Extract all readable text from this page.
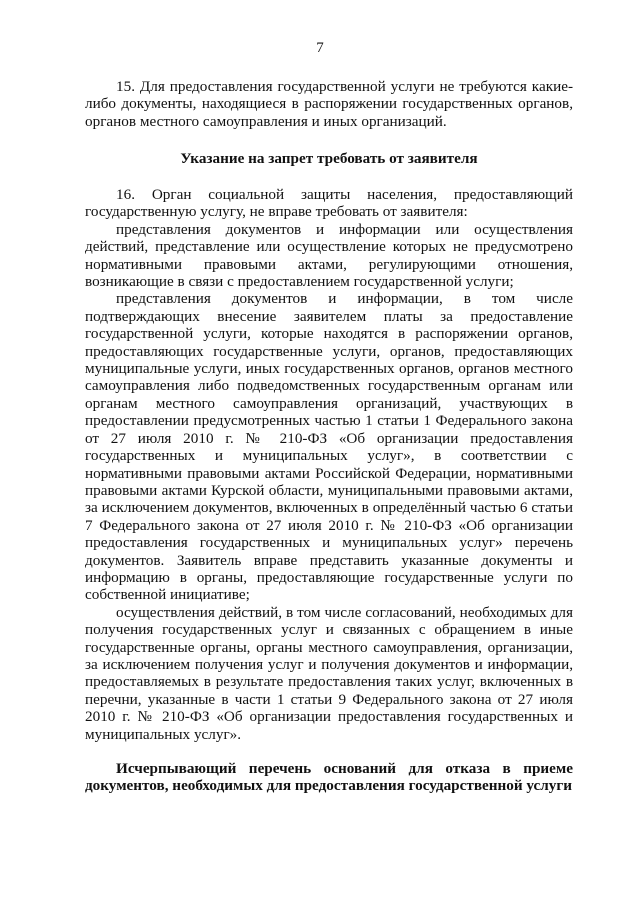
7

15. Для предоставления государственной услуги не требуются какие-либо документы, находящиеся в распоряжении государственных органов, органов местного самоуправления и иных организаций.

Указание на запрет требовать от заявителя

16. Орган социальной защиты населения, предоставляющий государственную услугу, не вправе требовать от заявителя:

представления документов и информации или осуществления действий, представление или осуществление которых не предусмотрено нормативными правовыми актами, регулирующими отношения, возникающие в связи с предоставлением государственной услуги;

представления документов и информации, в том числе подтверждающих внесение заявителем платы за предоставление государственной услуги, которые находятся в распоряжении органов, предоставляющих государственные услуги, органов, предоставляющих муниципальные услуги, иных государственных органов, органов местного самоуправления либо подведомственных государственным органам или органам местного самоуправления организаций, участвующих в предоставлении предусмотренных частью 1 статьи 1 Федерального закона от 27 июля 2010 г. № 210-ФЗ «Об организации предоставления государственных и муниципальных услуг», в соответствии с нормативными правовыми актами Российской Федерации, нормативными правовыми актами Курской области, муниципальными правовыми актами, за исключением документов, включенных в определённый частью 6 статьи 7 Федерального закона от 27 июля 2010 г. № 210-ФЗ «Об организации предоставления государственных и муниципальных услуг» перечень документов. Заявитель вправе представить указанные документы и информацию в органы, предоставляющие государственные услуги по собственной инициативе;

осуществления действий, в том числе согласований, необходимых для получения государственных услуг и связанных с обращением в иные государственные органы, органы местного самоуправления, организации, за исключением получения услуг и получения документов и информации, предоставляемых в результате предоставления таких услуг, включенных в перечни, указанные в части 1 статьи 9 Федерального закона от 27 июля 2010 г. № 210-ФЗ «Об организации предоставления государственных и муниципальных услуг».

Исчерпывающий перечень оснований для отказа в приеме документов, необходимых для предоставления государственной услуги
